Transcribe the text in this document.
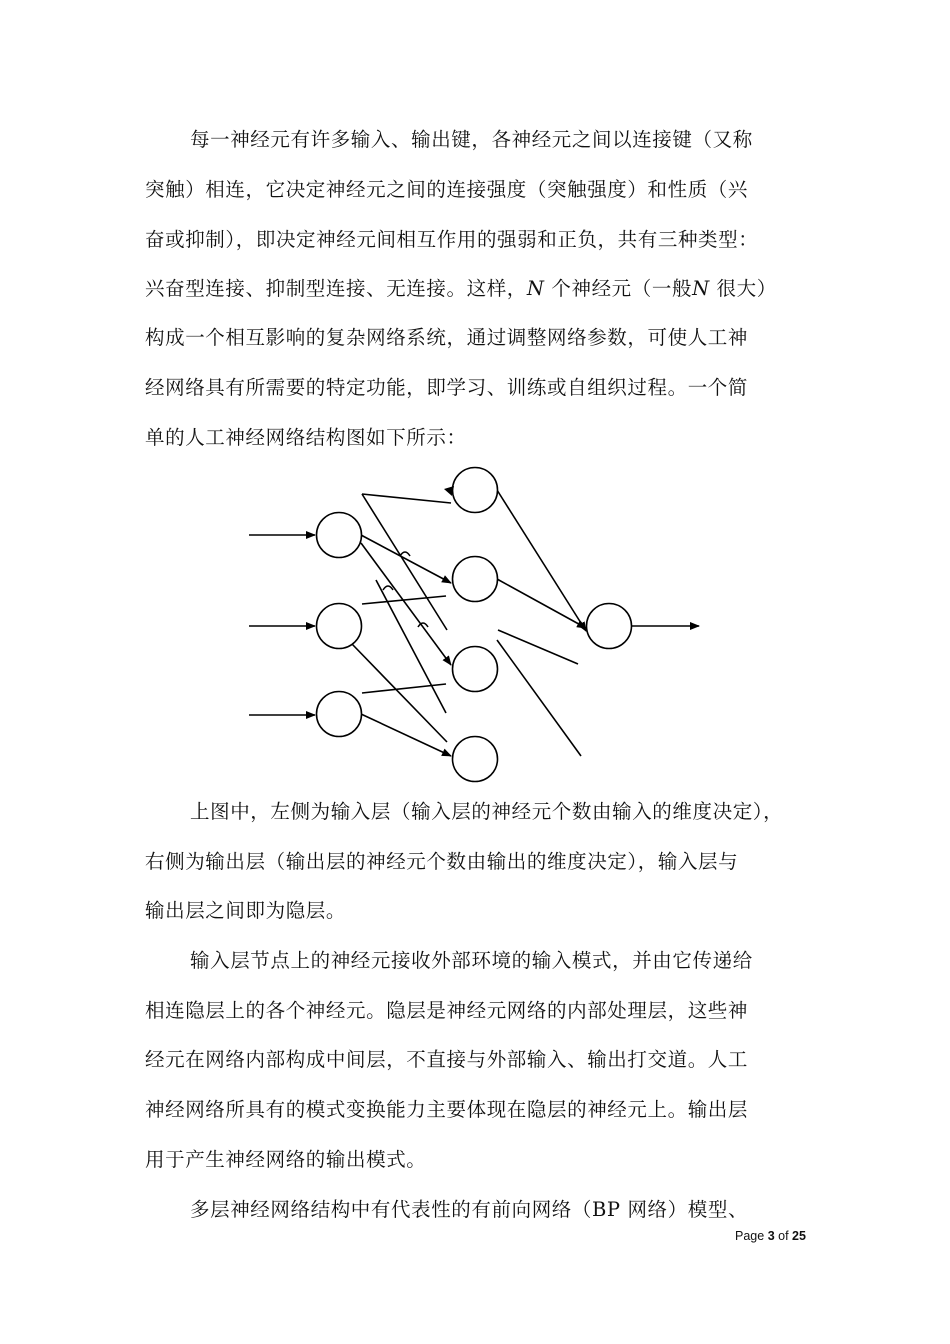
每一神经元有许多输入、输出键，各神经元之间以连接键（又称
突触）相连，它决定神经元之间的连接强度（突触强度）和性质（兴
奋或抑制），即决定神经元间相互作用的强弱和正负，共有三种类型：
兴奋型连接、抑制型连接、无连接。这样，N 个神经元（一般N 很大）
构成一个相互影响的复杂网络系统，通过调整网络参数，可使人工神
经网络具有所需要的特定功能，即学习、训练或自组织过程。一个简
单的人工神经网络结构图如下所示：
上图中，左侧为输入层（输入层的神经元个数由输入的维度决定），
右侧为输出层（输出层的神经元个数由输出的维度决定），输入层与
输出层之间即为隐层。
输入层节点上的神经元接收外部环境的输入模式，并由它传递给
相连隐层上的各个神经元。隐层是神经元网络的内部处理层，这些神
经元在网络内部构成中间层，不直接与外部输入、输出打交道。人工
神经网络所具有的模式变换能力主要体现在隐层的神经元上。输出层
用于产生神经网络的输出模式。
多层神经网络结构中有代表性的有前向网络（BP 网络）模型、
Page 3 of 25
